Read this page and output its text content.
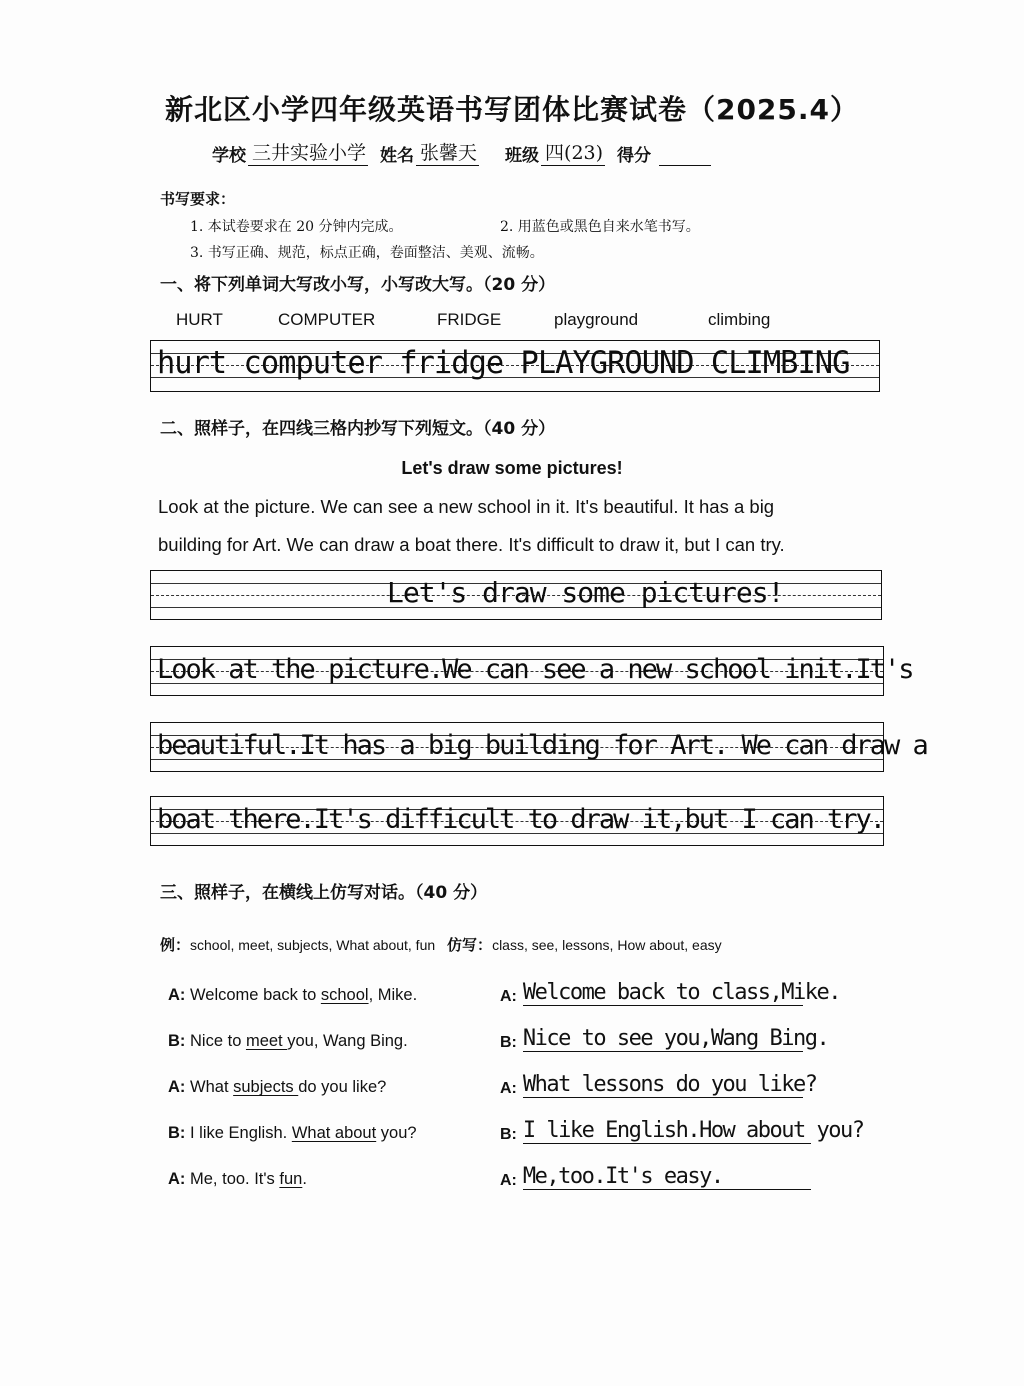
新北区小学四年级英语书写团体比赛试卷（2025.4）
学校 三井实验小学 姓名 张馨天 班级 四(23) 得分
书写要求：
1. 本试卷要求在 20 分钟内完成。	2. 用蓝色或黑色自来水笔书写。
3. 书写正确、规范，标点正确，卷面整洁、美观、流畅。
一、将下列单词大写改小写，小写改大写。（20 分）
HURT	COMPUTER	FRIDGE	playground	climbing
hurt computer fridge PLAYGROUND CLIMBING
二、照样子，在四线三格内抄写下列短文。（40 分）
Let's draw some pictures!
Look at the picture. We can see a new school in it. It's beautiful. It has a big
building for Art. We can draw a boat there. It's difficult to draw it, but I can try.
Let's draw some pictures!
Look at the picture.We can see a new school init.It's
beautiful.It has a big building for Art. We can draw a
boat there.It's difficult to draw it,but I can try.
三、照样子，在横线上仿写对话。（40 分）
例：school, meet, subjects, What about, fun 仿写：class, see, lessons, How about, easy
A: Welcome back to school, Mike.	A: Welcome back to class,Mike.
B: Nice to meet you, Wang Bing.	B: Nice to see you,Wang Bing.
A: What subjects do you like?	A: What lessons do you like?
B: I like English. What about you?	B: I like English.How about you?
A: Me, too. It's fun.	A: Me,too.It's easy.
